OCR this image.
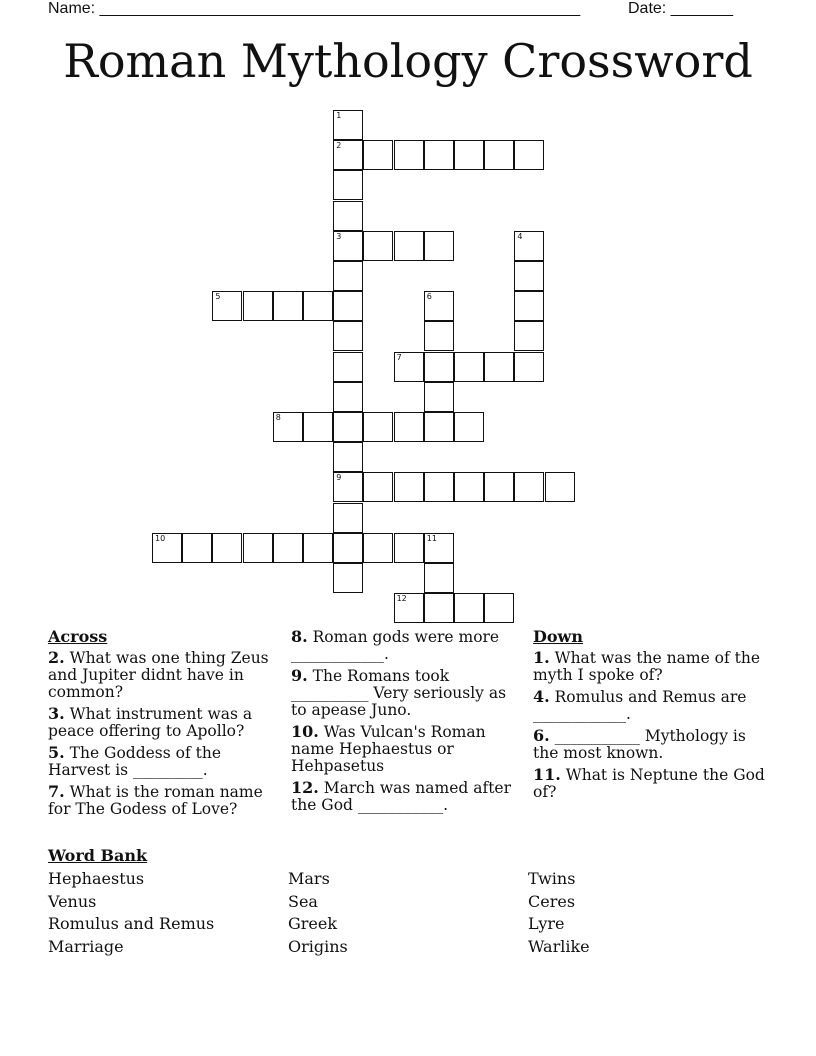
Name: ______________________________________________________	Date: _______
Roman Mythology Crossword
1
2
3
9
4
5	6
7
8
10	11
12
Across
2. What was one thing Zeus and Jupiter didnt have in common?
3. What instrument was a peace offering to Apollo?
5. The Goddess of the Harvest is _________.
7. What is the roman name for The Godess of Love?
8. Roman gods were more ____________.
9. The Romans took __________ Very seriously as to apease Juno.
10. Was Vulcan's Roman name Hephaestus or Hehpasetus
12. March was named after the God ___________.
Down
1. What was the name of the myth I spoke of?
4. Romulus and Remus are ____________.
6. ___________ Mythology is the most known.
11. What is Neptune the God of?
Word Bank
Hephaestus
Venus
Romulus and Remus
Marriage
Mars
Sea
Greek
Origins
Twins
Ceres
Lyre
Warlike
